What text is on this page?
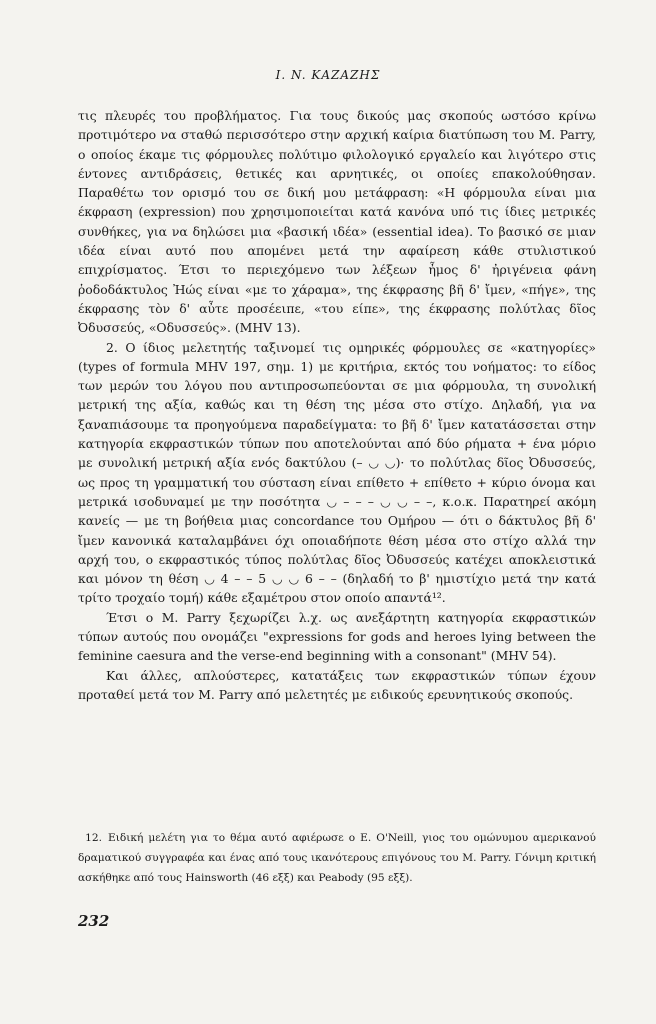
I. N. ΚΑΖΑΖΗΣ

τις πλευρές του προβλήματος. Για τους δικούς μας σκοπούς ωστόσο κρίνω προτιμότερο να σταθώ περισσότερο στην αρχική καίρια διατύπωση του M. Parry, ο οποίος έκαμε τις φόρμουλες πολύτιμο φιλολογικό εργαλείο και λιγότερο στις έντονες αντιδράσεις, θετικές και αρνητικές, οι οποίες επακολούθησαν. Παραθέτω τον ορισμό του σε δική μου μετάφραση: «Η φόρμουλα είναι μια έκφραση (expression) που χρησιμοποιείται κατά κανόνα υπό τις ίδιες μετρικές συνθήκες, για να δηλώσει μια «βασική ιδέα» (essential idea). Το βασικό σε μιαν ιδέα είναι αυτό που απομένει μετά την αφαίρεση κάθε στυλιστικού επιχρίσματος. Έτσι το περιεχόμενο των λέξεων ἦμος δ' ἠριγένεια φάνη ῥοδοδάκτυλος Ἠώς είναι «με το χάραμα», της έκφρασης βῆ δ' ἴμεν, «πήγε», της έκφρασης τὸν δ' αὖτε προσέειπε, «του είπε», της έκφρασης πολύτλας δῖος Ὀδυσσεύς, «Οδυσσεύς». (MHV 13).

2. Ο ίδιος μελετητής ταξινομεί τις ομηρικές φόρμουλες σε «κατηγορίες» (types of formula MHV 197, σημ. 1) με κριτήρια, εκτός του νοήματος: το είδος των μερών του λόγου που αντιπροσωπεύονται σε μια φόρμουλα, τη συνολική μετρική της αξία, καθώς και τη θέση της μέσα στο στίχο. Δηλαδή, για να ξαναπιάσουμε τα προηγούμενα παραδείγματα: το βῆ δ' ἴμεν κατατάσσεται στην κατηγορία εκφραστικών τύπων που αποτελούνται από δύο ρήματα + ένα μόριο με συνολική μετρική αξία ενός δακτύλου (– ◡ ◡)· το πολύτλας δῖος Ὀδυσσεύς, ως προς τη γραμματική του σύσταση είναι επίθετο + επίθετο + κύριο όνομα και μετρικά ισοδυναμεί με την ποσότητα ◡ – – – ◡ ◡ – –, κ.ο.κ. Παρατηρεί ακόμη κανείς — με τη βοήθεια μιας concordance του Ομήρου — ότι ο δάκτυλος βῆ δ' ἴμεν κανονικά καταλαμβάνει όχι οποιαδήποτε θέση μέσα στο στίχο αλλά την αρχή του, ο εκφραστικός τύπος πολύτλας δῖος Ὀδυσσεύς κατέχει αποκλειστικά και μόνον τη θέση ◡ 4 – – 5 ◡ ◡ 6 – – (δηλαδή το β' ημιστίχιο μετά την κατά τρίτο τροχαίο τομή) κάθε εξαμέτρου στον οποίο απαντά¹².

Έτσι ο M. Parry ξεχωρίζει λ.χ. ως ανεξάρτητη κατηγορία εκφραστικών τύπων αυτούς που ονομάζει "expressions for gods and heroes lying between the feminine caesura and the verse-end beginning with a consonant" (MHV 54).

Και άλλες, απλούστερες, κατατάξεις των εκφραστικών τύπων έχουν προταθεί μετά τον M. Parry από μελετητές με ειδικούς ερευνητικούς σκοπούς.

12. Ειδική μελέτη για το θέμα αυτό αφιέρωσε ο E. O'Neill, γιος του ομώνυμου αμερικανού δραματικού συγγραφέα και ένας από τους ικανότερους επιγόνους του M. Parry. Γόνιμη κριτική ασκήθηκε από τους Hainsworth (46 εξξ) και Peabody (95 εξξ).
232
